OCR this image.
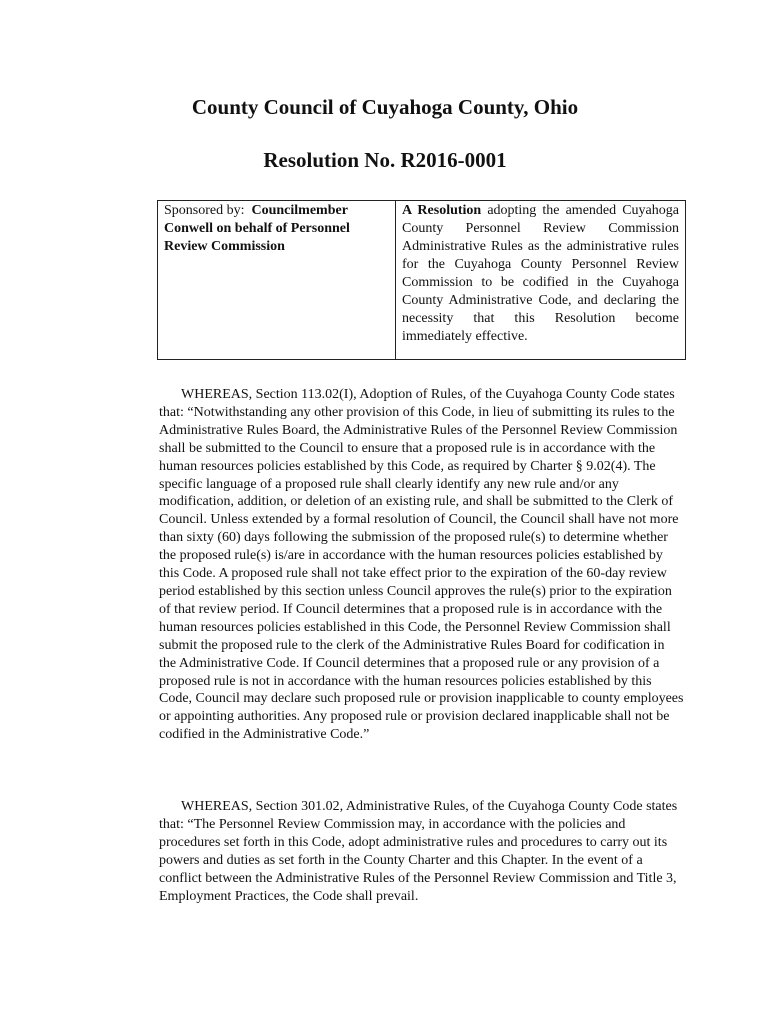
County Council of Cuyahoga County, Ohio
Resolution No. R2016-0001
Sponsored by: Councilmember Conwell on behalf of Personnel Review Commission
A Resolution adopting the amended Cuyahoga County Personnel Review Commission Administrative Rules as the administrative rules for the Cuyahoga County Personnel Review Commission to be codified in the Cuyahoga County Administrative Code, and declaring the necessity that this Resolution become immediately effective.

WHEREAS, Section 113.02(I), Adoption of Rules, of the Cuyahoga County Code states that: “Notwithstanding any other provision of this Code, in lieu of submitting its rules to the Administrative Rules Board, the Administrative Rules of the Personnel Review Commission shall be submitted to the Council to ensure that a proposed rule is in accordance with the human resources policies established by this Code, as required by Charter § 9.02(4). The specific language of a proposed rule shall clearly identify any new rule and/or any modification, addition, or deletion of an existing rule, and shall be submitted to the Clerk of Council. Unless extended by a formal resolution of Council, the Council shall have not more than sixty (60) days following the submission of the proposed rule(s) to determine whether the proposed rule(s) is/are in accordance with the human resources policies established by this Code. A proposed rule shall not take effect prior to the expiration of the 60-day review period established by this section unless Council approves the rule(s) prior to the expiration of that review period. If Council determines that a proposed rule is in accordance with the human resources policies established in this Code, the Personnel Review Commission shall submit the proposed rule to the clerk of the Administrative Rules Board for codification in the Administrative Code. If Council determines that a proposed rule or any provision of a proposed rule is not in accordance with the human resources policies established by this Code, Council may declare such proposed rule or provision inapplicable to county employees or appointing authorities. Any proposed rule or provision declared inapplicable shall not be codified in the Administrative Code.”

WHEREAS, Section 301.02, Administrative Rules, of the Cuyahoga County Code states that: “The Personnel Review Commission may, in accordance with the policies and procedures set forth in this Code, adopt administrative rules and procedures to carry out its powers and duties as set forth in the County Charter and this Chapter. In the event of a conflict between the Administrative Rules of the Personnel Review Commission and Title 3, Employment Practices, the Code shall prevail.
